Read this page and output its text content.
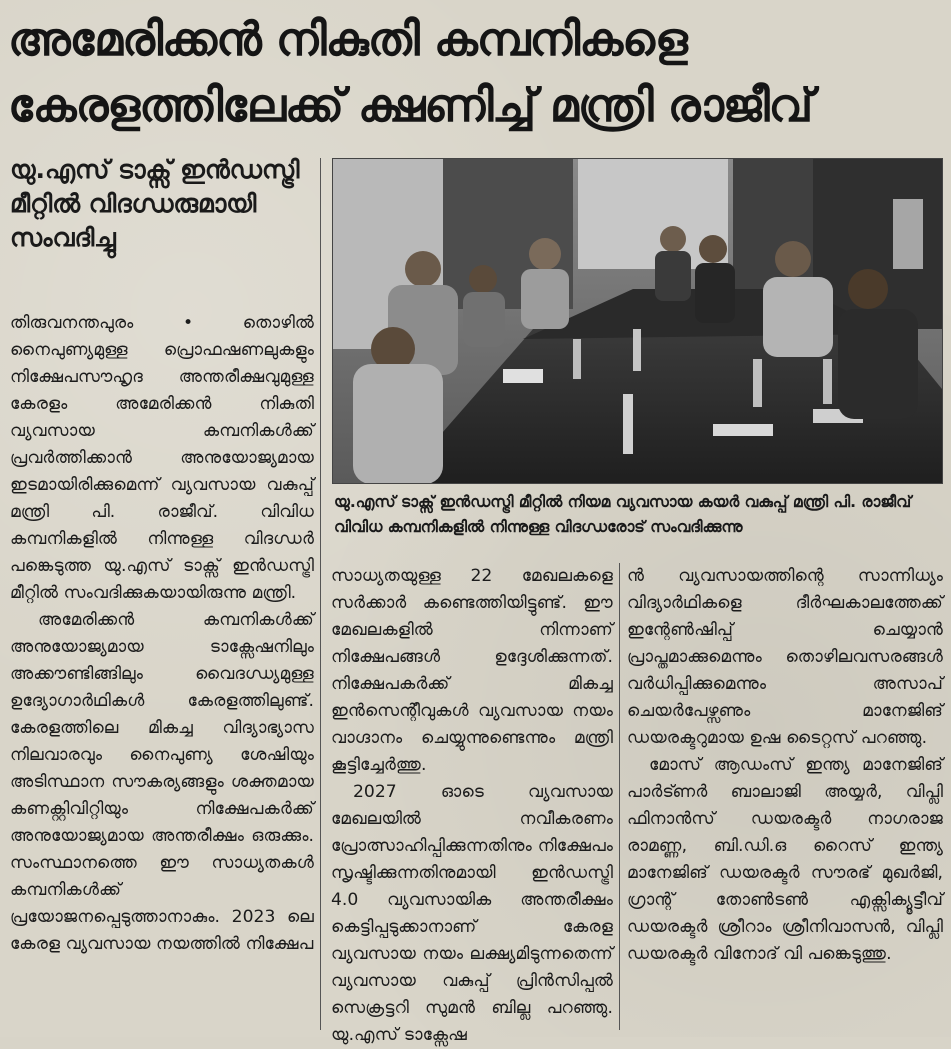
അമേരിക്കൻ നികുതി കമ്പനികളെ
കേരളത്തിലേക്ക് ക്ഷണിച്ച് മന്ത്രി രാജീവ്
യു.എസ് ടാക്സ് ഇൻഡസ്ട്രി മീറ്റിൽ വിദഗ്ധരുമായി സംവദിച്ചു

തിരുവനന്തപുരം • തൊഴിൽ നൈപുണ്യമുള്ള പ്രൊഫഷണലുകളും നിക്ഷേപസൗഹൃദ അന്തരീക്ഷവുമുള്ള കേരളം അമേരിക്കൻ നികുതി വ്യവസായ കമ്പനികൾക്ക് പ്രവർത്തിക്കാൻ അനുയോജ്യമായ ഇടമായിരിക്കുമെന്ന് വ്യവസായ വകുപ്പ് മന്ത്രി പി. രാജീവ്. വിവിധ കമ്പനികളിൽ നിന്നുള്ള വിദഗ്ധർ പങ്കെടുത്ത യു.എസ് ടാക്സ് ഇൻഡസ്ട്രി മീറ്റിൽ സംവദിക്കുകയായിരുന്നു മന്ത്രി.

അമേരിക്കൻ കമ്പനികൾക്ക് അനുയോജ്യമായ ടാക്സേഷനിലും അക്കൗണ്ടിങ്ങിലും വൈദഗ്ധ്യമുള്ള ഉദ്യോഗാർഥികൾ കേരളത്തിലുണ്ട്. കേരളത്തിലെ മികച്ച വിദ്യാഭ്യാസ നിലവാരവും നൈപുണ്യ ശേഷിയും അടിസ്ഥാന സൗകര്യങ്ങളും ശക്തമായ കണക്റ്റിവിറ്റിയും നിക്ഷേപകർക്ക് അനുയോജ്യമായ അന്തരീക്ഷം ഒരുക്കും. സംസ്ഥാനത്തെ ഈ സാധ്യതകൾ കമ്പനികൾക്ക് പ്രയോജനപ്പെടുത്താനാകും. 2023 ലെ കേരള വ്യവസായ നയത്തിൽ നിക്ഷേപ

യു.എസ് ടാക്സ് ഇൻഡസ്ട്രി മീറ്റിൽ നിയമ വ്യവസായ കയർ വകുപ്പ് മന്ത്രി പി. രാജീവ് വിവിധ കമ്പനികളിൽ നിന്നുള്ള വിദഗ്ധരോട് സംവദിക്കുന്നു

സാധ്യതയുള്ള 22 മേഖലകളെ സർക്കാർ കണ്ടെത്തിയിട്ടുണ്ട്. ഈ മേഖലകളിൽ നിന്നാണ് നിക്ഷേപങ്ങൾ ഉദ്ദേശിക്കുന്നത്. നിക്ഷേപകർക്ക് മികച്ച ഇൻസെന്റീവുകൾ വ്യവസായ നയം വാഗ്ദാനം ചെയ്യുന്നുണ്ടെന്നും മന്ത്രി കൂട്ടിച്ചേർത്തു.

2027 ഓടെ വ്യവസായ മേഖലയിൽ നവീകരണം പ്രോത്സാഹിപ്പിക്കുന്നതിനും നിക്ഷേപം സൃഷ്ടിക്കുന്നതിനുമായി ഇൻഡസ്ട്രി 4.0 വ്യവസായിക അന്തരീക്ഷം കെട്ടിപ്പടുക്കാനാണ് കേരള വ്യവസായ നയം ലക്ഷ്യമിടുന്നതെന്ന് വ്യവസായ വകുപ്പ് പ്രിൻസിപ്പൽ സെക്രട്ടറി സുമൻ ബില്ല പറഞ്ഞു. യു.എസ് ടാക്സേഷ

ൻ വ്യവസായത്തിന്റെ സാന്നിധ്യം വിദ്യാർഥികളെ ദീർഘകാലത്തേക്ക് ഇന്റേൺഷിപ്പ് ചെയ്യാൻ പ്രാപ്തമാക്കുമെന്നും തൊഴിലവസരങ്ങൾ വർധിപ്പിക്കുമെന്നും അസാപ് ചെയർപേഴ്സണും മാനേജിങ് ഡയരക്ടറുമായ ഉഷ ടൈറ്റസ് പറഞ്ഞു.

മോസ് ആഡംസ് ഇന്ത്യ മാനേജിങ് പാർട്ണർ ബാലാജി അയ്യർ, വിപ്ലി ഫിനാൻസ് ഡയരക്ടർ നാഗരാജ രാമണ്ണ, ബി.ഡി.ഒ റൈസ് ഇന്ത്യ മാനേജിങ് ഡയരക്ടർ സൗരഭ് മുഖർജി, ഗ്രാന്റ് തോൺടൺ എക്സിക്യൂട്ടീവ് ഡയരക്ടർ ശ്രീറാം ശ്രീനിവാസൻ, വിപ്ലി ഡയരക്ടർ വിനോദ് വി പങ്കെടുത്തു.
